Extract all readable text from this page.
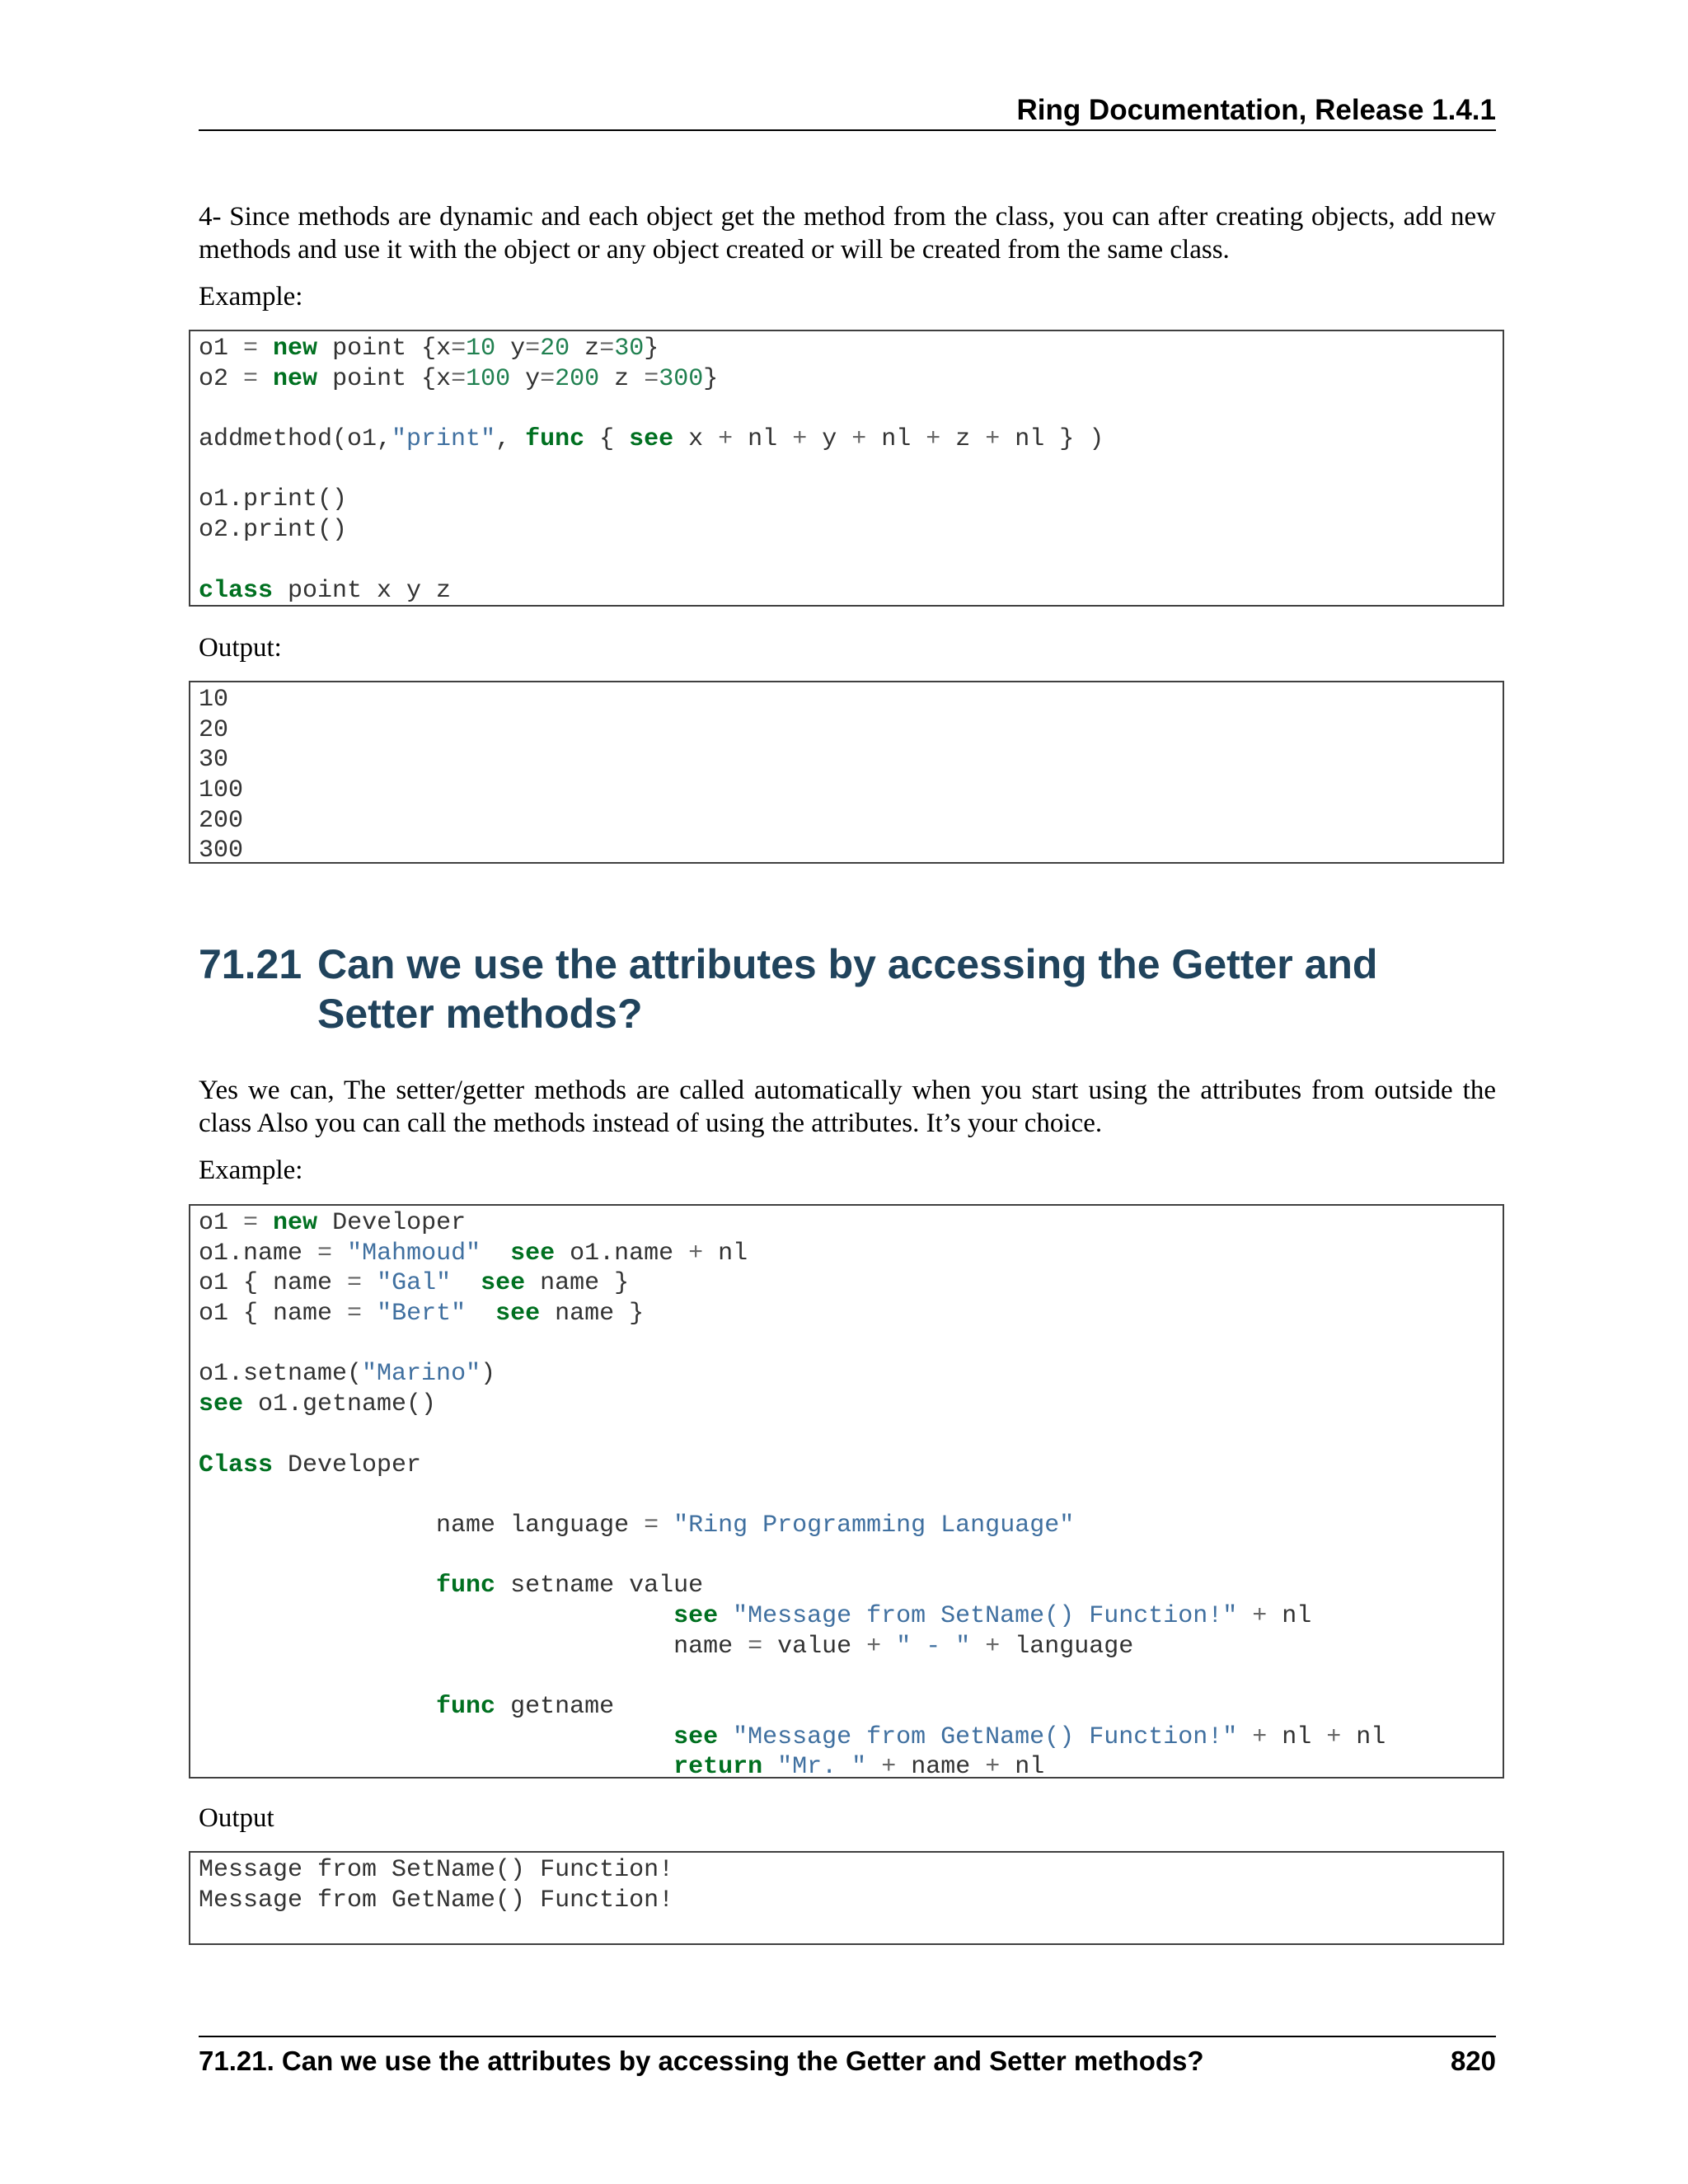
Ring Documentation, Release 1.4.1

4- Since methods are dynamic and each object get the method from the class, you can after creating objects, add new methods and use it with the object or any object created or will be created from the same class.

Example:

o1 = new point {x=10 y=20 z=30}
o2 = new point {x=100 y=200 z =300}

addmethod(o1,"print", func { see x + nl + y + nl + z + nl } )

o1.print()
o2.print()

class point x y z

Output:

10
20
30
100
200
300
71.21 Can we use the attributes by accessing the Getter and Setter methods?

Yes we can, The setter/getter methods are called automatically when you start using the attributes from outside the class Also you can call the methods instead of using the attributes. It’s your choice.

Example:

o1 = new Developer
o1.name = "Mahmoud" see o1.name + nl
o1 { name = "Gal" see name }
o1 { name = "Bert" see name }

o1.setname("Marino")
see o1.getname()

Class Developer

name language = "Ring Programming Language"

func setname value
see "Message from SetName() Function!" + nl
name = value + " - " + language

func getname
see "Message from GetName() Function!" + nl + nl
return "Mr. " + name + nl

Output

Message from SetName() Function!
Message from GetName() Function!
71.21. Can we use the attributes by accessing the Getter and Setter methods?	820
